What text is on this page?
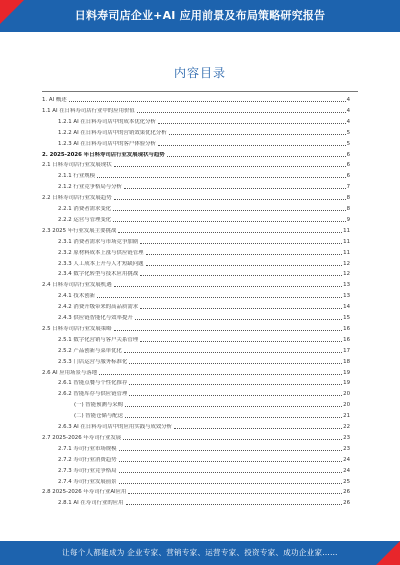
日料寿司店企业+AI 应用前景及布局策略研究报告
内容目录
1. AI 概述	4
1.1 AI 在日料寿司店行业中的应用价值	4
1.2.1 AI 在日料寿司店中的成本优化分析	4
1.2.2 AI 在日料寿司店中的营销效果优化分析	5
1.2.3 AI 在日料寿司店中的客户体验分析	5
2. 2025-2026 年日料寿司店行业发展现状与趋势	6
2.1 日料寿司店行业发展现状	6
2.1.1 行业规模	6
2.1.2 行业竞争格局与分析	7
2.2 日料寿司店行业发展趋势	8
2.2.1 消费者需求变化	8
2.2.2 运营与管理变化	9
2.3 2025 年行业发展主要挑战	11
2.3.1 消费者需求与市场竞争加剧	11
2.3.2 原材料成本上涨与供应链管理	11
2.3.3 人工成本上升与人才短缺问题	12
2.3.4 数字化转型与技术应用挑战	12
2.4 日料寿司店行业发展机遇	13
2.4.1 技术创新	13
2.4.2 消费升级带来的高品质需求	14
2.4.3 供应链智能化与效率提升	15
2.5 日料寿司店行业发展策略	16
2.5.1 数字化营销与客户关系管理	16
2.5.2 产品创新与菜单优化	17
2.5.3 门店运营与服务标准化	18
2.6 AI 应用场景与落地	19
2.6.1 智能点餐与个性化推荐	19
2.6.2 智能库存与供应链管理	20
(一) 智能预测与采购	20
(二) 智能仓储与配送	21
2.6.3 AI 在日料寿司店中的应用实践与成效分析	22
2.7 2025-2026 年寿司行业发展	23
2.7.1 寿司行业市场规模	23
2.7.2 寿司行业消费趋势	24
2.7.3 寿司行业竞争格局	24
2.7.4 寿司行业发展前景	25
2.8 2025-2026 年寿司行业AI应用	26
2.8.1 AI 在寿司行业的应用	26
让每个人都能成为 企业专家、营销专家、运营专家、投资专家、成功企业家……
